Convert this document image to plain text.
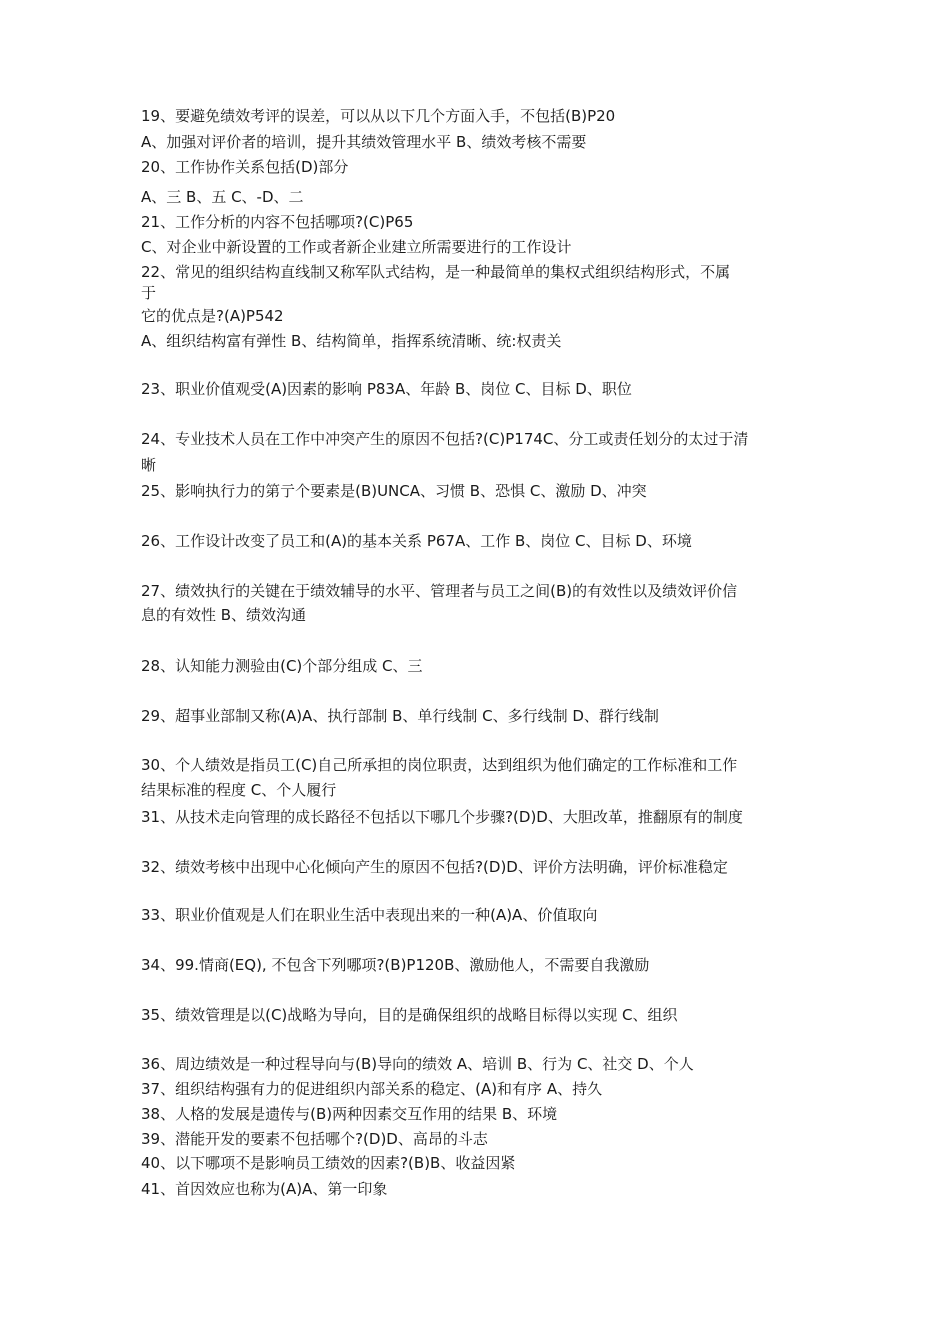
19、要避免绩效考评的误差，可以从以下几个方面入手，不包括(B)P20

A、加强对评价者的培训，提升其绩效管理水平 B、绩效考核不需要

20、工作协作关系包括(D)部分

A、三 B、五 C、-D、二

21、工作分析的内容不包括哪项?(C)P65

C、对企业中新设置的工作或者新企业建立所需要进行的工作设计

22、常见的组织结构直线制又称军队式结构，是一种最简单的集权式组织结构形式，不属

于

它的优点是?(A)P542

A、组织结构富有弹性 B、结构简单，指挥系统清晰、统:权责关

23、职业价值观受(A)因素的影响 P83A、年龄 B、岗位 C、目标 D、职位

24、专业技术人员在工作中冲突产生的原因不包括?(C)P174C、分工或责任划分的太过于清

晰

25、影响执行力的第亍个要素是(B)UNCA、习惯 B、恐惧 C、激励 D、冲突

26、工作设计改变了员工和(A)的基本关系 P67A、工作 B、岗位 C、目标 D、环境

27、绩效执行的关键在于绩效辅导的水平、管理者与员工之间(B)的有效性以及绩效评价信

息的有效性 B、绩效沟通

28、认知能力测验由(C)个部分组成 C、三

29、超事业部制又称(A)A、执行部制 B、单行线制 C、多行线制 D、群行线制

30、个人绩效是指员工(C)自己所承担的岗位职责，达到组织为他们确定的工作标准和工作

结果标准的程度 C、个人履行

31、从技术走向管理的成长路径不包括以下哪几个步骤?(D)D、大胆改革，推翻原有的制度

32、绩效考核中出现中心化倾向产生的原因不包括?(D)D、评价方法明确，评价标准稳定

33、职业价值观是人们在职业生活中表现出来的一种(A)A、价值取向

34、99.情商(EQ), 不包含下列哪项?(B)P120B、激励他人，不需要自我激励

35、绩效管理是以(C)战略为导向，目的是确保组织的战略目标得以实现 C、组织

36、周边绩效是一种过程导向与(B)导向的绩效 A、培训 B、行为 C、社交 D、个人

37、组织结构强有力的促进组织内部关系的稳定、(A)和有序 A、持久

38、人格的发展是遗传与(B)两种因素交互作用的结果 B、环境

39、潜能开发的要素不包括哪个?(D)D、高昂的斗志

40、以下哪项不是影响员工绩效的因素?(B)B、收益因紧

41、首因效应也称为(A)A、第一印象
